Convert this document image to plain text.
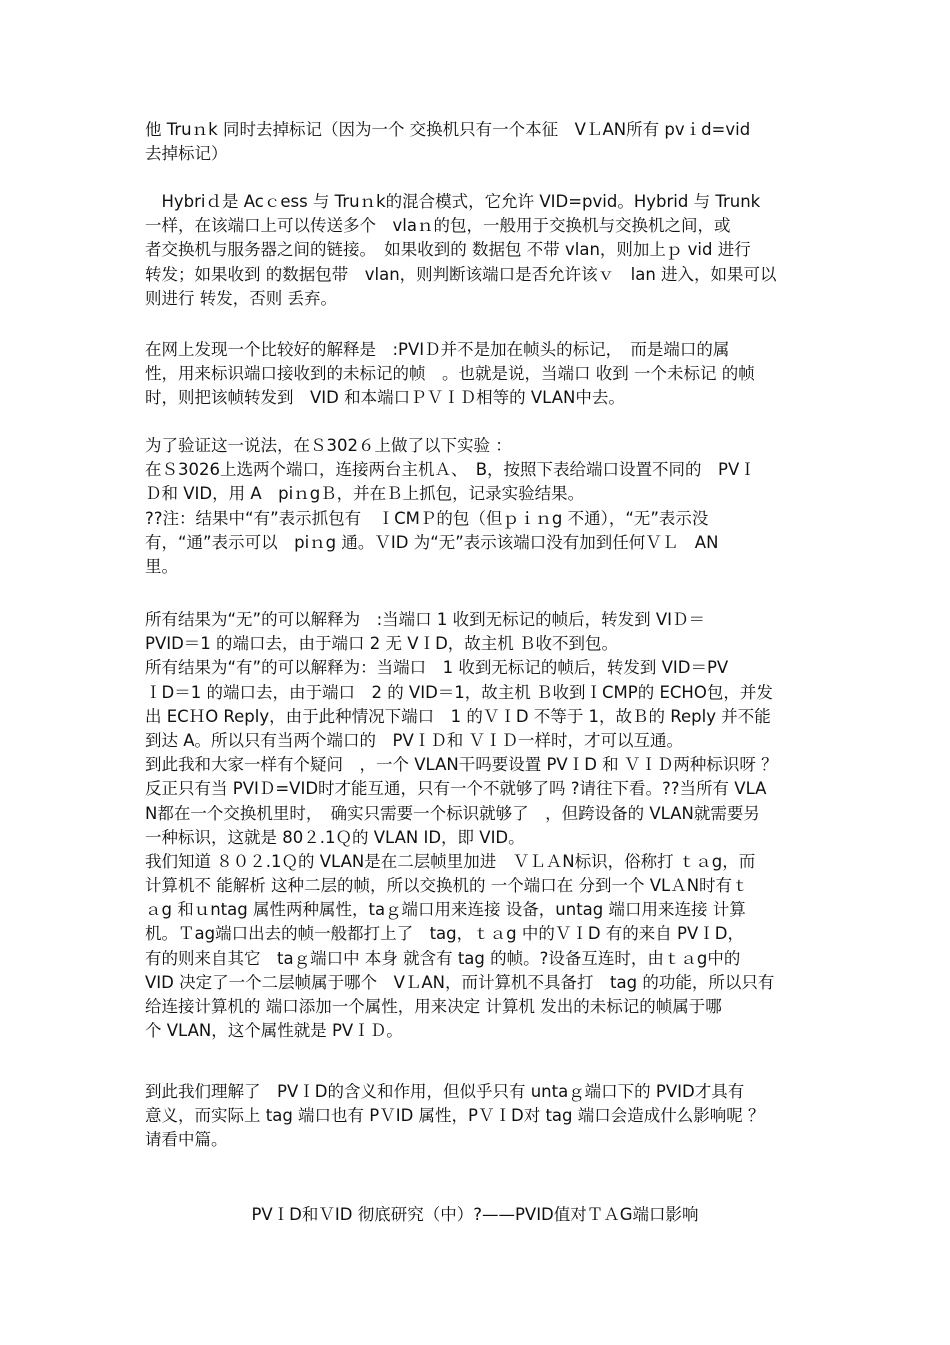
他 Truｎk 同时去掉标记（因为一个 交换机只有一个本征　VＬAN所有 pvｉd=vid
去掉标记）
　Hybriｄ是 Acｃess 与 Truｎk的混合模式，它允许 VID=pvid。Hybrid 与 Trunk
一样，在该端口上可以传送多个　vlaｎ的包，一般用于交换机与交换机之间，或
者交换机与服务器之间的链接。　如果收到的 数据包 不带 vlan，则加上ｐ vid 进行
转发；如果收到 的数据包带　vlan，则判断该端口是否允许该ｖ　lan 进入，如果可以
则进行 转发，否则 丢弃。
在网上发现一个比较好的解释是　:PVIＤ并不是加在帧头的标记，　而是端口的属
性，用来标识端口接收到的未标记的帧　。也就是说，当端口 收到 一个未标记 的帧
时，则把该帧转发到　VID 和本端口ＰＶＩＤ相等的 VLAN中去。
为了验证这一说法，在Ｓ302６上做了以下实验 ：
在Ｓ3026上选两个端口，连接两台主机Ａ、　B，按照下表给端口设置不同的　PVＩ
Ｄ和 VID，用 A　piｎgＢ，并在Ｂ上抓包，记录实验结果。
??注：结果中“有”表示抓包有　ＩCMＰ的包（但ｐｉｎg 不通），“无”表示没
有，“通”表示可以　piｎg 通。ＶID 为“无”表示该端口没有加到任何ＶＬ　AN
里。
所有结果为“无”的可以解释为　:当端口 1 收到无标记的帧后，转发到 VIＤ＝
PVID＝1 的端口去，由于端口 2 无 VＩD，故主机 Ｂ收不到包。
所有结果为“有”的可以解释为：当端口　1 收到无标记的帧后，转发到 VID＝PV
ＩD＝1 的端口去，由于端口　2 的 VID＝1，故主机 Ｂ收到ＩCMP的 ECHO包，并发
出 ECＨO Reply，由于此种情况下端口　1 的ＶＩD 不等于 1，故Ｂ的 Reply 并不能
到达 A。所以只有当两个端口的　PVＩＤ和 ＶＩＤ一样时，才可以互通。
到此我和大家一样有个疑问　，一个 VLAN干吗要设置 PVＩD 和 ＶＩＤ两种标识呀 ？
反正只有当 PVIＤ=VID时才能互通，只有一个不就够了吗 ?请往下看。??当所有 VLA
N都在一个交换机里时，　确实只需要一个标识就够了　，但跨设备的 VLAN就需要另
一种标识，这就是 80２.1Ｑ的 VLAN ID，即 VID。
我们知道 ８０２.1Ｑ的 VLAN是在二层帧里加进　ＶＬＡN标识，俗称打 ｔａg，而
计算机不 能解析 这种二层的帧，所以交换机的 一个端口在 分到一个 VLＡN时有ｔ
ａg 和ｕntag 属性两种属性，taｇ端口用来连接 设备，untag 端口用来连接 计算
机。Ｔag端口出去的帧一般都打上了　tag，ｔａg 中的ＶＩD 有的来自 PVＩD，
有的则来自其它　taｇ端口中 本身 就含有 tag 的帧。?设备互连时，由ｔａg中的
VID 决定了一个二层帧属于哪个　VＬAN，而计算机不具备打　tag 的功能，所以只有
给连接计算机的 端口添加一个属性，用来决定 计算机 发出的未标记的帧属于哪
个 VLAN，这个属性就是 PVＩＤ。
到此我们理解了　PVＩD的含义和作用，但似乎只有 untaｇ端口下的 PVID才具有
意义，而实际上 tag 端口也有 PＶID 属性，PＶＩD对 tag 端口会造成什么影响呢 ？
请看中篇。
PVＩD和ＶID 彻底研究（中）?——PVID值对ＴＡG端口影响
